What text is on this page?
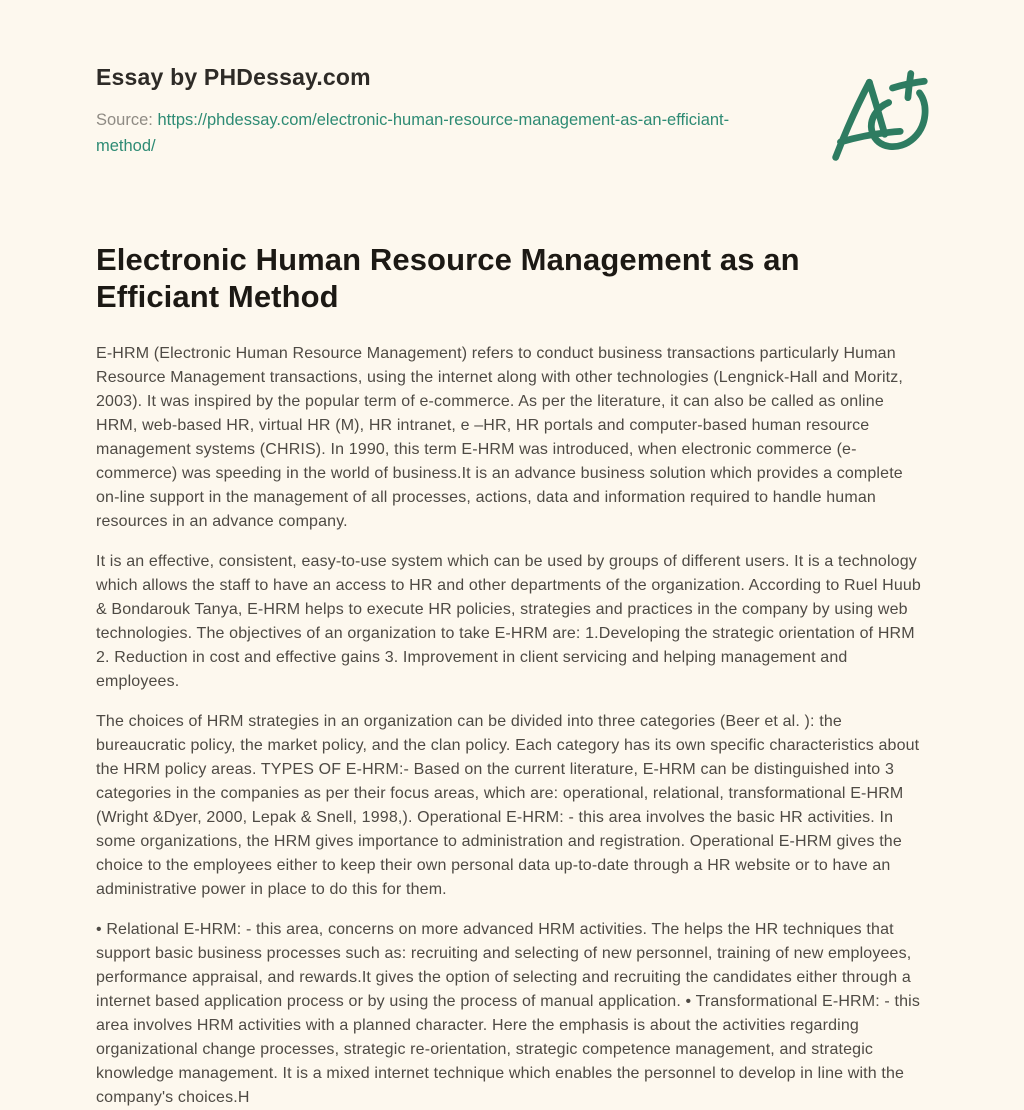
Essay by PHDessay.com
Source: https://phdessay.com/electronic-human-resource-management-as-an-efficiant-method/
Electronic Human Resource Management as an Efficiant Method

E-HRM (Electronic Human Resource Management) refers to conduct business transactions particularly Human Resource Management transactions, using the internet along with other technologies (Lengnick-Hall and Moritz, 2003). It was inspired by the popular term of e-commerce. As per the literature, it can also be called as online HRM, web-based HR, virtual HR (M), HR intranet, e –HR, HR portals and computer-based human resource management systems (CHRIS). In 1990, this term E-HRM was introduced, when electronic commerce (e-commerce) was speeding in the world of business.It is an advance business solution which provides a complete on-line support in the management of all processes, actions, data and information required to handle human resources in an advance company.

It is an effective, consistent, easy-to-use system which can be used by groups of different users. It is a technology which allows the staff to have an access to HR and other departments of the organization. According to Ruel Huub & Bondarouk Tanya, E-HRM helps to execute HR policies, strategies and practices in the company by using web technologies. The objectives of an organization to take E-HRM are: 1.Developing the strategic orientation of HRM 2. Reduction in cost and effective gains 3. Improvement in client servicing and helping management and employees.

The choices of HRM strategies in an organization can be divided into three categories (Beer et al. ): the bureaucratic policy, the market policy, and the clan policy. Each category has its own specific characteristics about the HRM policy areas. TYPES OF E-HRM:- Based on the current literature, E-HRM can be distinguished into 3 categories in the companies as per their focus areas, which are: operational, relational, transformational E-HRM (Wright &Dyer, 2000, Lepak & Snell, 1998,). Operational E-HRM: - this area involves the basic HR activities. In some organizations, the HRM gives importance to administration and registration. Operational E-HRM gives the choice to the employees either to keep their own personal data up-to-date through a HR website or to have an administrative power in place to do this for them.

• Relational E-HRM: - this area, concerns on more advanced HRM activities. The helps the HR techniques that support basic business processes such as: recruiting and selecting of new personnel, training of new employees, performance appraisal, and rewards.It gives the option of selecting and recruiting the candidates either through a internet based application process or by using the process of manual application. • Transformational E-HRM: - this area involves HRM activities with a planned character. Here the emphasis is about the activities regarding organizational change processes, strategic re-orientation, strategic competence management, and strategic knowledge management. It is a mixed internet technique which enables the personnel to develop in line with the company's choices.H
